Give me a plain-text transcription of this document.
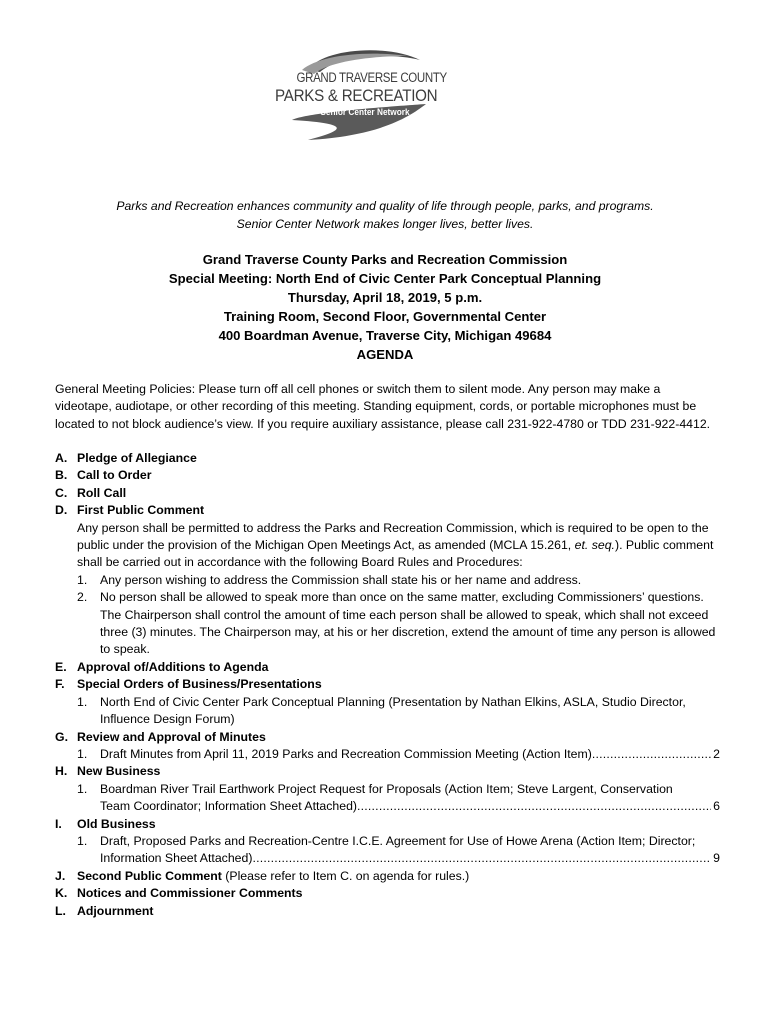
GRAND TRAVERSE COUNTY
PARKS & RECREATION
Senior Center Network
Parks and Recreation enhances community and quality of life through people, parks, and programs.
Senior Center Network makes longer lives, better lives.
Grand Traverse County Parks and Recreation Commission
Special Meeting: North End of Civic Center Park Conceptual Planning
Thursday, April 18, 2019, 5 p.m.
Training Room, Second Floor, Governmental Center
400 Boardman Avenue, Traverse City, Michigan 49684
AGENDA
General Meeting Policies: Please turn off all cell phones or switch them to silent mode. Any person may make a videotape, audiotape, or other recording of this meeting. Standing equipment, cords, or portable microphones must be located to not block audience’s view. If you require auxiliary assistance, please call 231-922-4780 or TDD 231-922-4412.
A. Pledge of Allegiance
B. Call to Order
C. Roll Call
D. First Public Comment
Any person shall be permitted to address the Parks and Recreation Commission, which is required to be open to the public under the provision of the Michigan Open Meetings Act, as amended (MCLA 15.261, et. seq.). Public comment shall be carried out in accordance with the following Board Rules and Procedures:
1. Any person wishing to address the Commission shall state his or her name and address.
2. No person shall be allowed to speak more than once on the same matter, excluding Commissioners’ questions. The Chairperson shall control the amount of time each person shall be allowed to speak, which shall not exceed three (3) minutes. The Chairperson may, at his or her discretion, extend the amount of time any person is allowed to speak.
E. Approval of/Additions to Agenda
F. Special Orders of Business/Presentations
1. North End of Civic Center Park Conceptual Planning (Presentation by Nathan Elkins, ASLA, Studio Director, Influence Design Forum)
G. Review and Approval of Minutes
1. Draft Minutes from April 11, 2019 Parks and Recreation Commission Meeting (Action Item) . . .	2
H. New Business
1. Boardman River Trail Earthwork Project Request for Proposals (Action Item; Steve Largent, Conservation
Team Coordinator; Information Sheet Attached) . . .	6
I. Old Business
1. Draft, Proposed Parks and Recreation-Centre I.C.E. Agreement for Use of Howe Arena (Action Item; Director;
Information Sheet Attached) . . .	9
J. Second Public Comment (Please refer to Item C. on agenda for rules.)
K. Notices and Commissioner Comments
L. Adjournment
